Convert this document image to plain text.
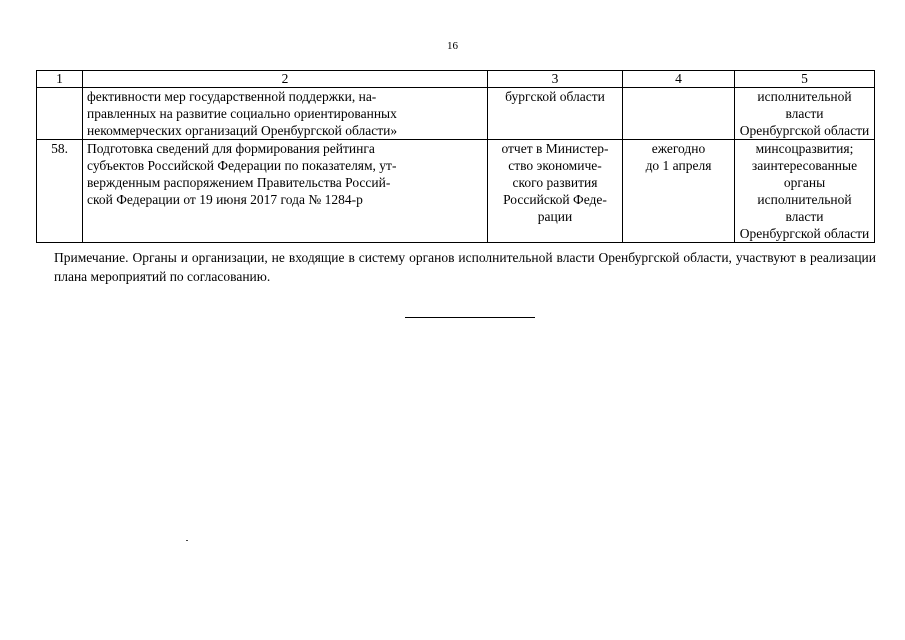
16
1	2	3	4	5

	фективности мер государственной поддержки, на-
правленных на развитие социально ориентированных
некоммерческих организаций Оренбургской области»	бургской области		исполнительной власти
Оренбургской области

58.	Подготовка сведений для формирования рейтинга
субъектов Российской Федерации по показателям, ут-
вержденным распоряжением Правительства Россий-
ской Федерации от 19 июня 2017 года № 1284-р	отчет в Министер-
ство экономиче-
ского развития
Российской Феде-
рации	ежегодно
до 1 апреля	минсоцразвития;
заинтересованные органы
исполнительной власти
Оренбургской области
Примечание. Органы и организации, не входящие в систему органов исполнительной власти Оренбургской области, участвуют в реализации плана мероприятий по согласованию.
